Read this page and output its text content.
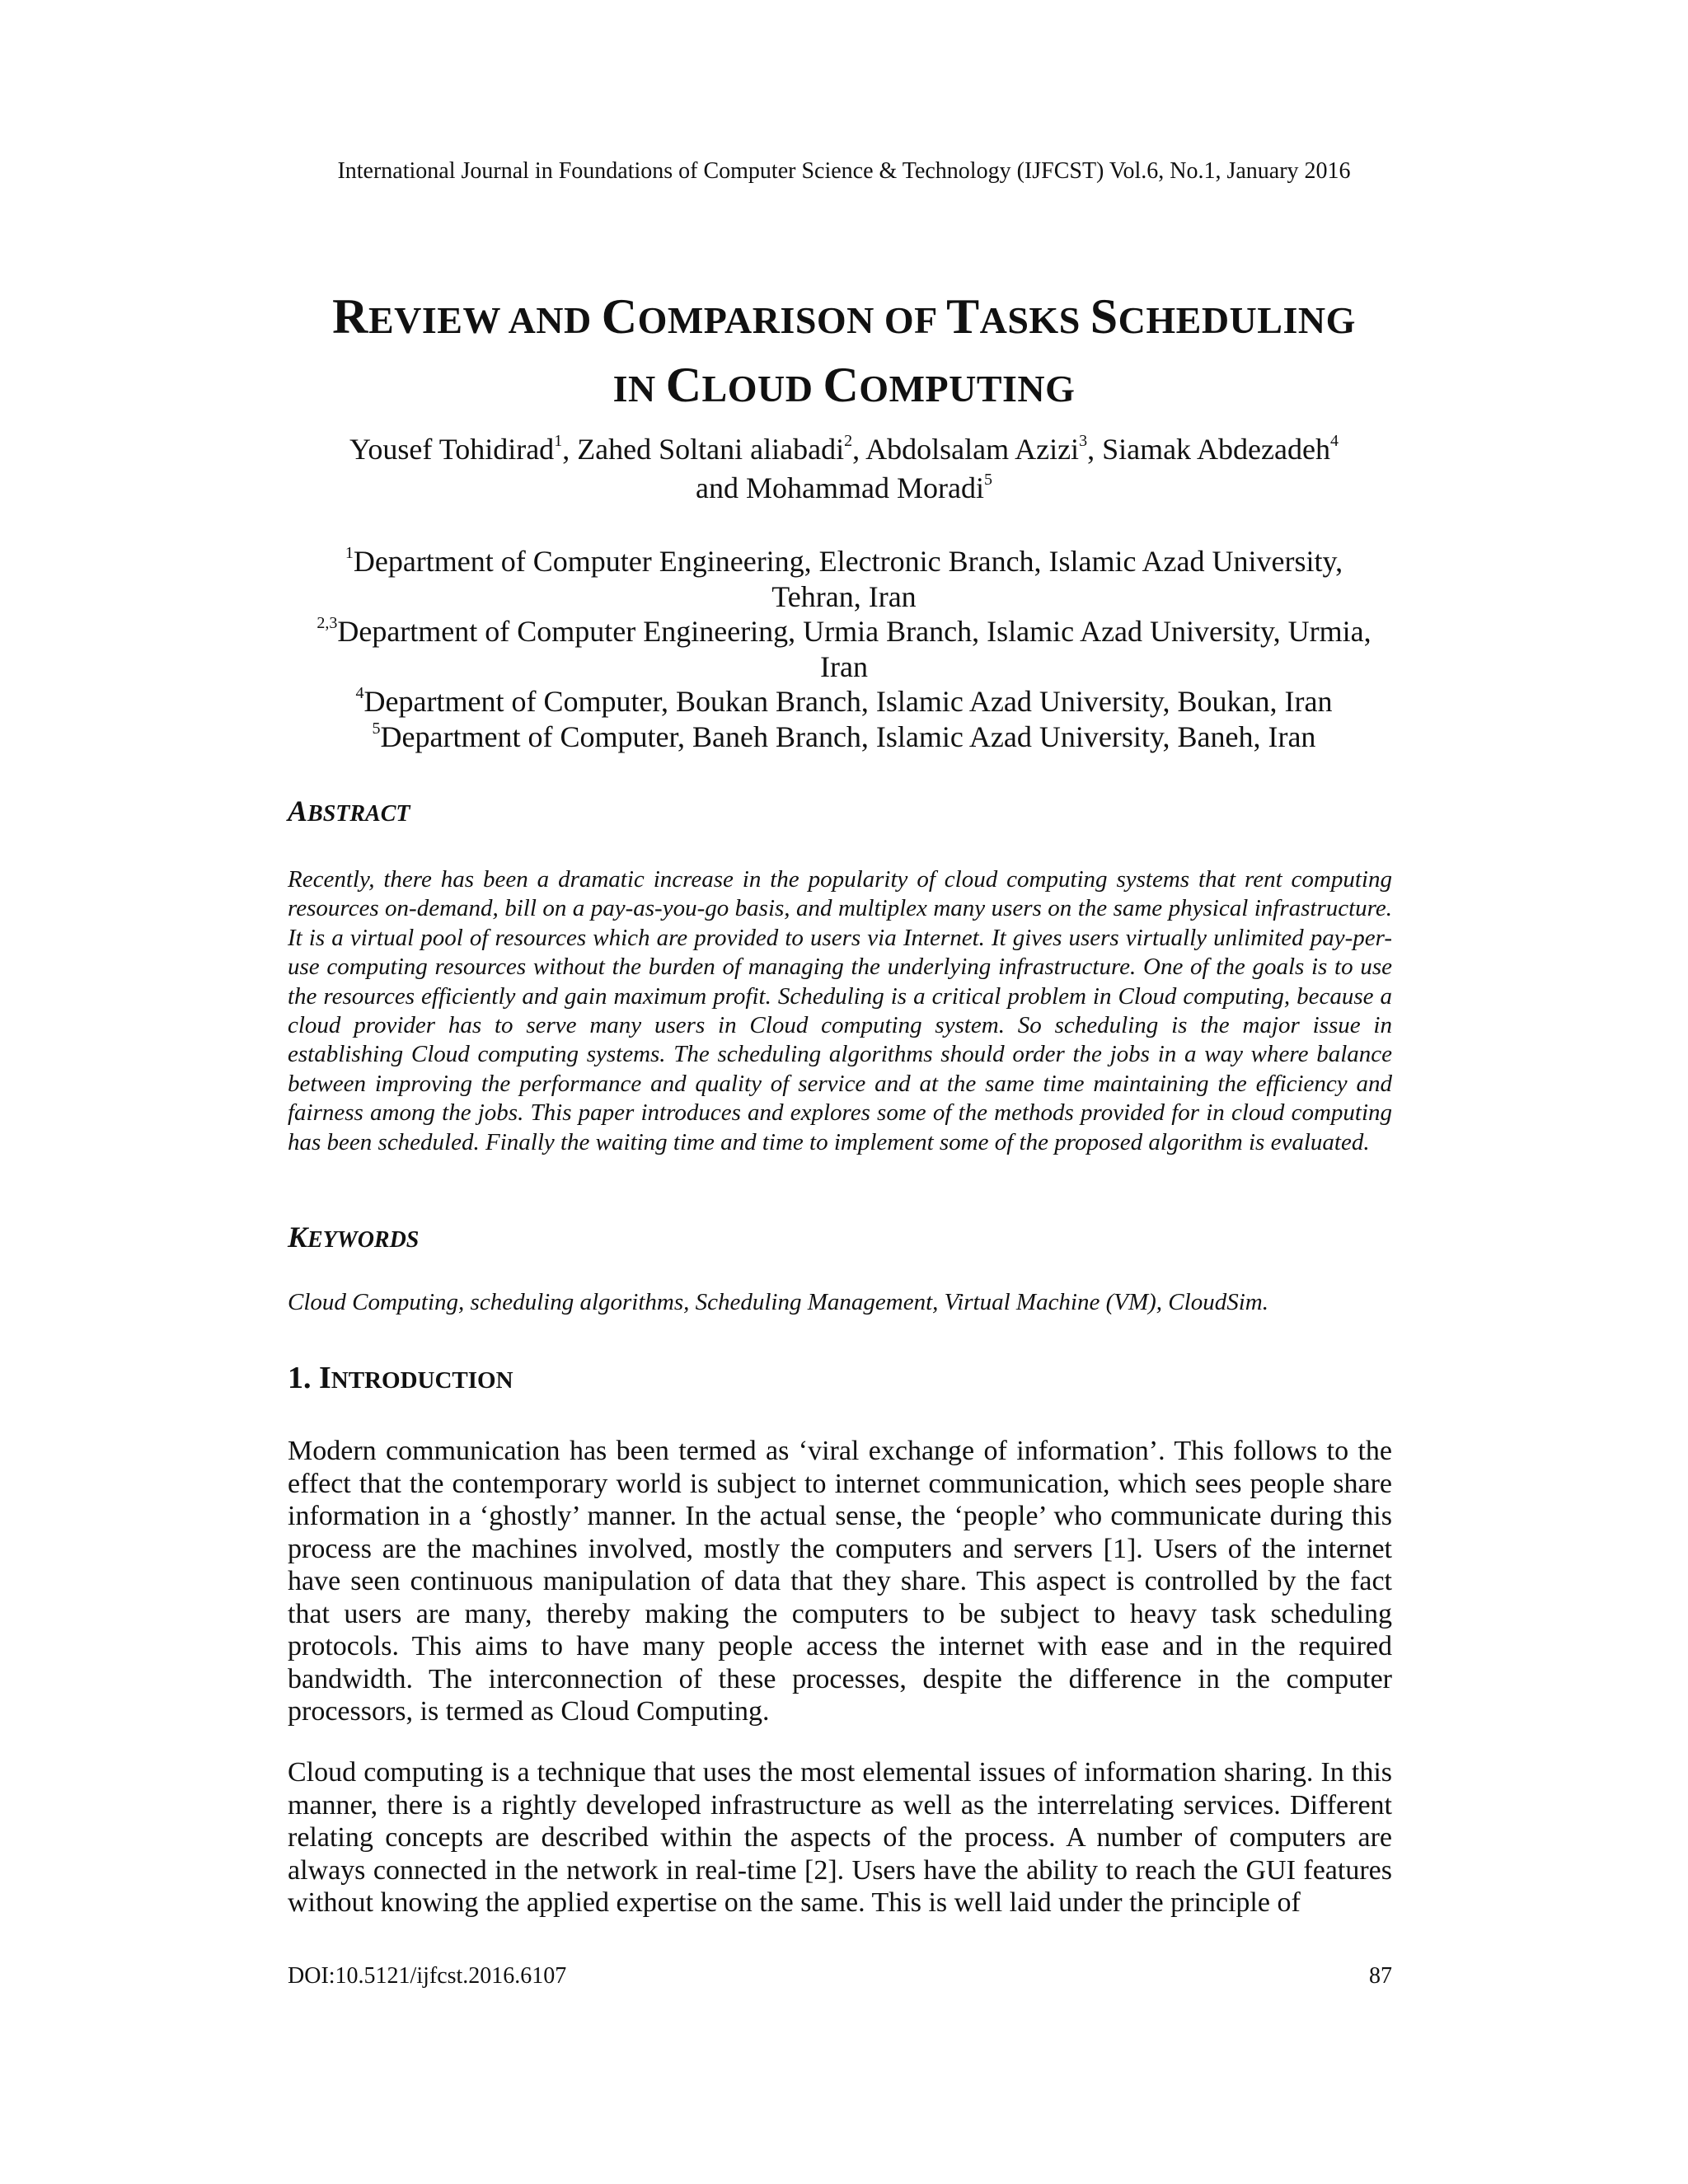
International Journal in Foundations of Computer Science & Technology (IJFCST) Vol.6, No.1, January 2016
REVIEW AND COMPARISON OF TASKS SCHEDULING
IN CLOUD COMPUTING
Yousef Tohidirad$^1$, Zahed Soltani aliabadi$^2$, Abdolsalam Azizi$^3$, Siamak Abdezadeh$^4$
and Mohammad Moradi$^5$
$^1$Department of Computer Engineering, Electronic Branch, Islamic Azad University,
Tehran, Iran
$^{2,3}$Department of Computer Engineering, Urmia Branch, Islamic Azad University, Urmia,
Iran
$^4$Department of Computer, Boukan Branch, Islamic Azad University, Boukan, Iran
$^5$Department of Computer, Baneh Branch, Islamic Azad University, Baneh, Iran
ABSTRACT
Recently, there has been a dramatic increase in the popularity of cloud computing systems that rent computing resources on-demand, bill on a pay-as-you-go basis, and multiplex many users on the same physical infrastructure. It is a virtual pool of resources which are provided to users via Internet. It gives users virtually unlimited pay-per-use computing resources without the burden of managing the underlying infrastructure. One of the goals is to use the resources efficiently and gain maximum profit. Scheduling is a critical problem in Cloud computing, because a cloud provider has to serve many users in Cloud computing system. So scheduling is the major issue in establishing Cloud computing systems. The scheduling algorithms should order the jobs in a way where balance between improving the performance and quality of service and at the same time maintaining the efficiency and fairness among the jobs. This paper introduces and explores some of the methods provided for in cloud computing has been scheduled. Finally the waiting time and time to implement some of the proposed algorithm is evaluated.
KEYWORDS
Cloud Computing, scheduling algorithms, Scheduling Management, Virtual Machine (VM), CloudSim.
1. INTRODUCTION
Modern communication has been termed as ‘viral exchange of information’. This follows to the effect that the contemporary world is subject to internet communication, which sees people share information in a ‘ghostly’ manner. In the actual sense, the ‘people’ who communicate during this process are the machines involved, mostly the computers and servers [1]. Users of the internet have seen continuous manipulation of data that they share. This aspect is controlled by the fact that users are many, thereby making the computers to be subject to heavy task scheduling protocols. This aims to have many people access the internet with ease and in the required bandwidth. The interconnection of these processes, despite the difference in the computer processors, is termed as Cloud Computing.
Cloud computing is a technique that uses the most elemental issues of information sharing. In this manner, there is a rightly developed infrastructure as well as the interrelating services. Different relating concepts are described within the aspects of the process. A number of computers are always connected in the network in real-time [2]. Users have the ability to reach the GUI features without knowing the applied expertise on the same. This is well laid under the principle of
DOI:10.5121/ijfcst.2016.6107	87
